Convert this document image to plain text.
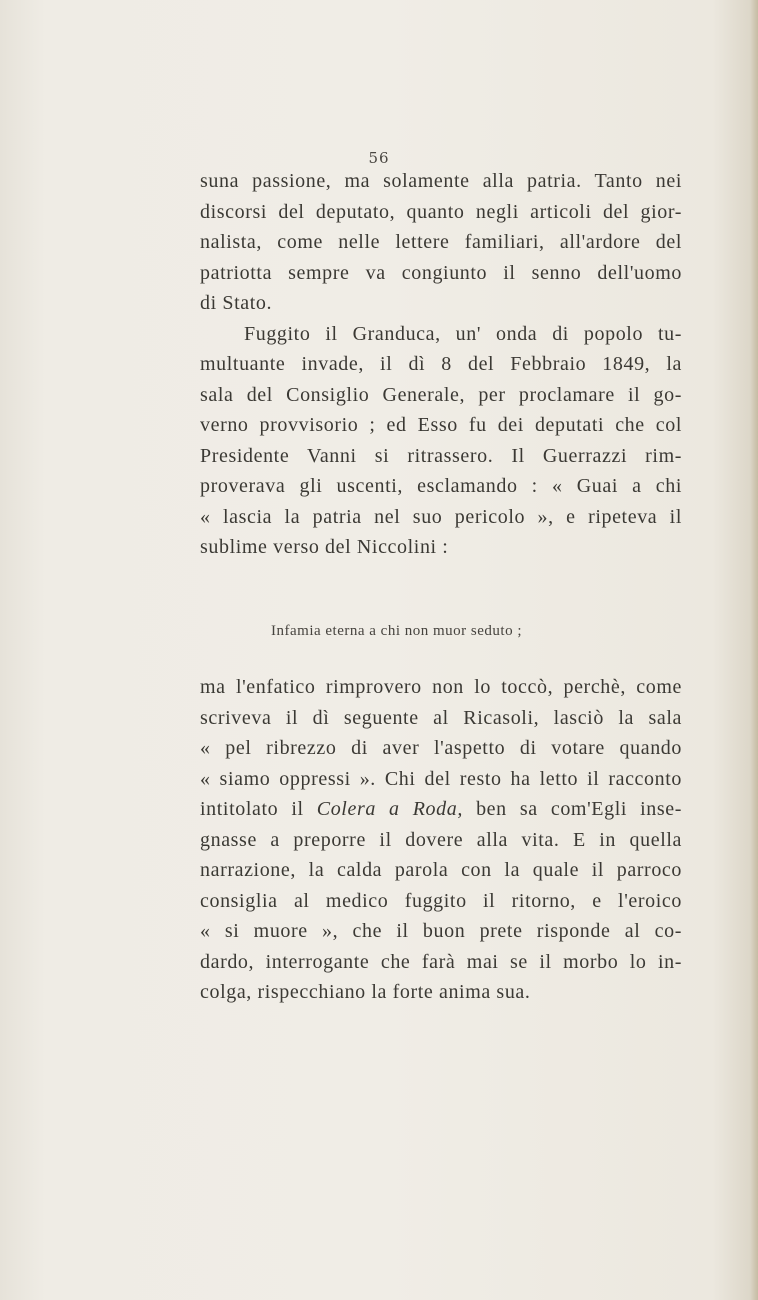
56
suna passione, ma solamente alla patria. Tanto nei
discorsi del deputato, quanto negli articoli del gior-
nalista, come nelle lettere familiari, all'ardore del
patriotta sempre va congiunto il senno dell'uomo
di Stato.
Fuggito il Granduca, un' onda di popolo tu-
multuante invade, il dì 8 del Febbraio 1849, la
sala del Consiglio Generale, per proclamare il go-
verno provvisorio ; ed Esso fu dei deputati che col
Presidente Vanni si ritrassero. Il Guerrazzi rim-
proverava gli uscenti, esclamando : « Guai a chi
« lascia la patria nel suo pericolo », e ripeteva il
sublime verso del Niccolini :
Infamia eterna a chi non muor seduto ;
ma l'enfatico rimprovero non lo toccò, perchè, come
scriveva il dì seguente al Ricasoli, lasciò la sala
« pel ribrezzo di aver l'aspetto di votare quando
« siamo oppressi ». Chi del resto ha letto il racconto
intitolato il Colera a Roda, ben sa com'Egli inse-
gnasse a preporre il dovere alla vita. E in quella
narrazione, la calda parola con la quale il parroco
consiglia al medico fuggito il ritorno, e l'eroico
« si muore », che il buon prete risponde al co-
dardo, interrogante che farà mai se il morbo lo in-
colga, rispecchiano la forte anima sua.
